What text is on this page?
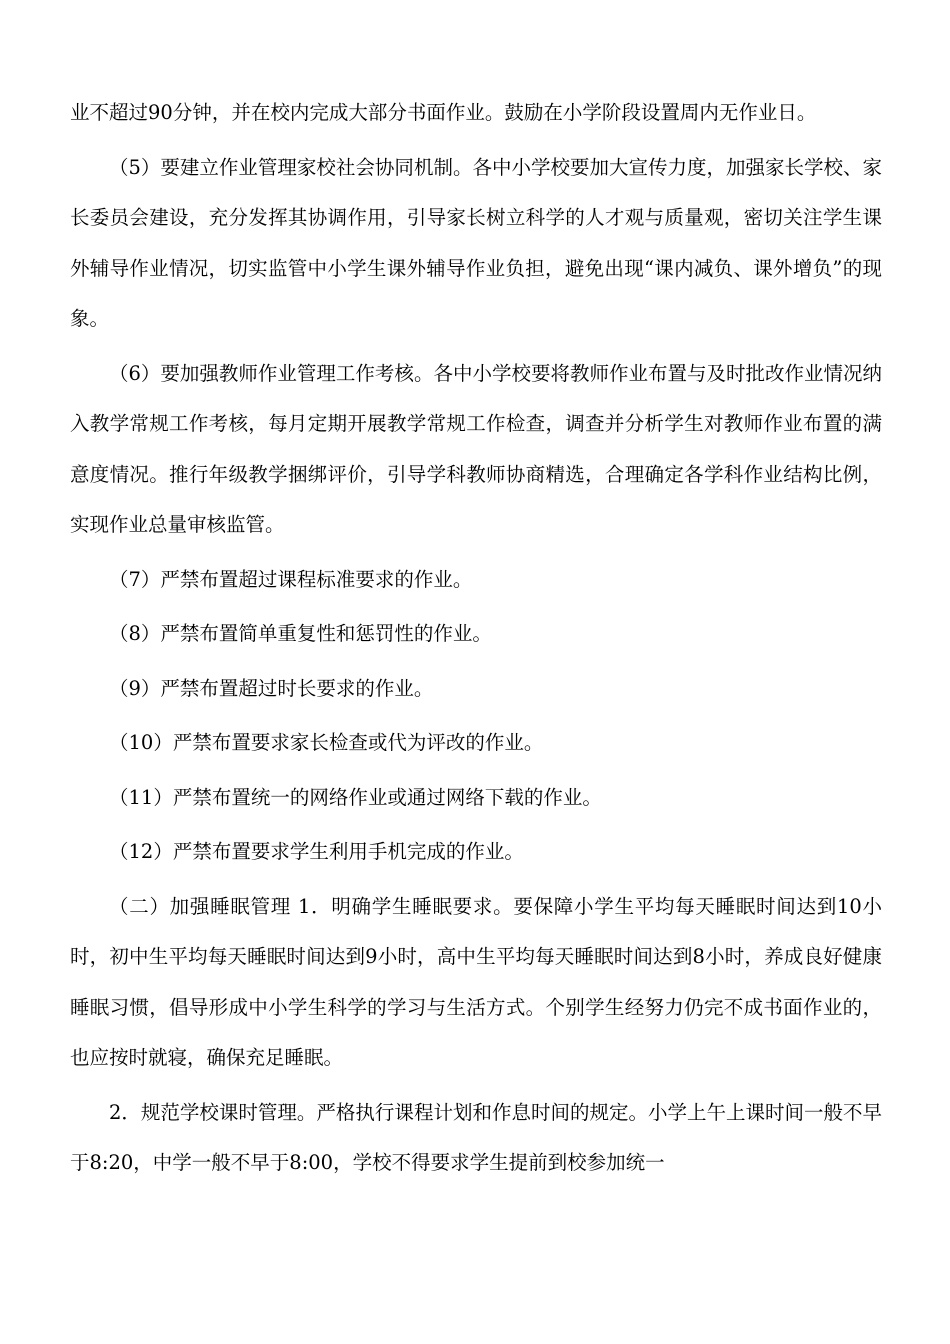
业不超过90分钟，并在校内完成大部分书面作业。鼓励在小学阶段设置周内无作业日。

（5）要建立作业管理家校社会协同机制。各中小学校要加大宣传力度，加强家长学校、家长委员会建设，充分发挥其协调作用，引导家长树立科学的人才观与质量观，密切关注学生课外辅导作业情况，切实监管中小学生课外辅导作业负担，避免出现“课内减负、课外增负”的现象。

（6）要加强教师作业管理工作考核。各中小学校要将教师作业布置与及时批改作业情况纳入教学常规工作考核，每月定期开展教学常规工作检查，调查并分析学生对教师作业布置的满意度情况。推行年级教学捆绑评价，引导学科教师协商精选，合理确定各学科作业结构比例，实现作业总量审核监管。

（7）严禁布置超过课程标准要求的作业。

（8）严禁布置简单重复性和惩罚性的作业。

（9）严禁布置超过时长要求的作业。

（10）严禁布置要求家长检查或代为评改的作业。

（11）严禁布置统一的网络作业或通过网络下载的作业。

（12）严禁布置要求学生利用手机完成的作业。

（二）加强睡眠管理 1．明确学生睡眠要求。要保障小学生平均每天睡眠时间达到10小时，初中生平均每天睡眠时间达到9小时，高中生平均每天睡眠时间达到8小时，养成良好健康睡眠习惯，倡导形成中小学生科学的学习与生活方式。个别学生经努力仍完不成书面作业的，也应按时就寝，确保充足睡眠。

2．规范学校课时管理。严格执行课程计划和作息时间的规定。小学上午上课时间一般不早于8:20，中学一般不早于8:00，学校不得要求学生提前到校参加统一
